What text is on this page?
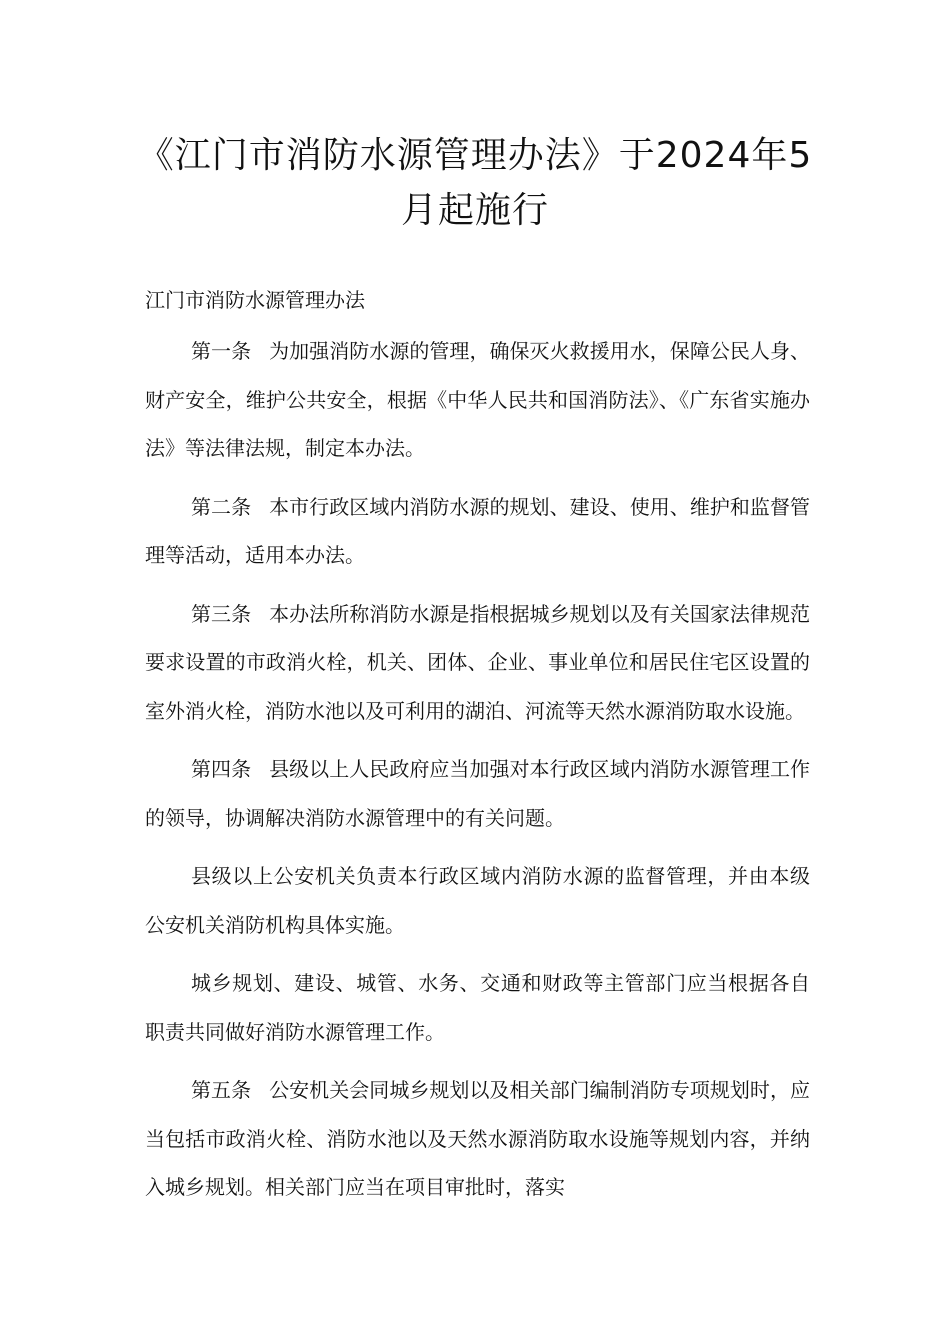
《江门市消防水源管理办法》于2024年5月起施行

江门市消防水源管理办法

第一条 为加强消防水源的管理，确保灭火救援用水，保障公民人身、财产安全，维护公共安全，根据《中华人民共和国消防法》、《广东省实施办法》等法律法规，制定本办法。

第二条 本市行政区域内消防水源的规划、建设、使用、维护和监督管理等活动，适用本办法。

第三条 本办法所称消防水源是指根据城乡规划以及有关国家法律规范要求设置的市政消火栓，机关、团体、企业、事业单位和居民住宅区设置的室外消火栓，消防水池以及可利用的湖泊、河流等天然水源消防取水设施。

第四条 县级以上人民政府应当加强对本行政区域内消防水源管理工作的领导，协调解决消防水源管理中的有关问题。

县级以上公安机关负责本行政区域内消防水源的监督管理，并由本级公安机关消防机构具体实施。

城乡规划、建设、城管、水务、交通和财政等主管部门应当根据各自职责共同做好消防水源管理工作。

第五条 公安机关会同城乡规划以及相关部门编制消防专项规划时，应当包括市政消火栓、消防水池以及天然水源消防取水设施等规划内容，并纳入城乡规划。相关部门应当在项目审批时，落实
